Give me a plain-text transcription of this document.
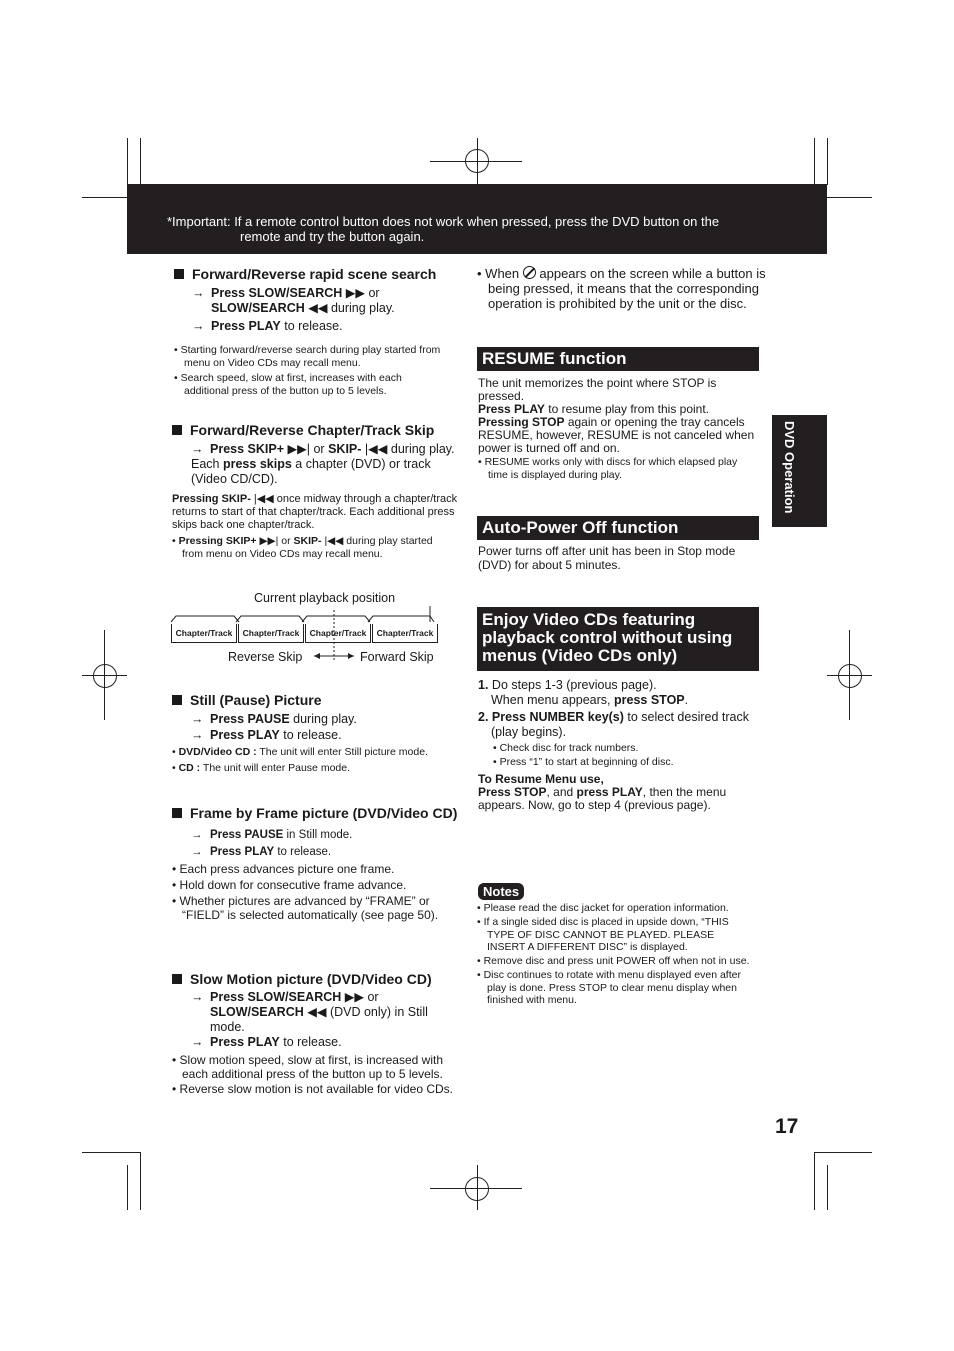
*Important: If a remote control button does not work when pressed, press the DVD button on the
remote and try the button again.
DVD Operation
Forward/Reverse rapid scene search
→ Press SLOW/SEARCH ▶▶ or
SLOW/SEARCH ◀◀ during play.
→ Press PLAY to release.
• Starting forward/reverse search during play started from menu on Video CDs may recall menu.
• Search speed, slow at first, increases with each additional press of the button up to 5 levels.
Forward/Reverse Chapter/Track Skip
→ Press SKIP+ ▶▶| or SKIP- |◀◀ during play.
Each press skips a chapter (DVD) or track (Video CD/CD).
Pressing SKIP- |◀◀ once midway through a chapter/track returns to start of that chapter/track. Each additional press skips back one chapter/track.
• Pressing SKIP+ ▶▶| or SKIP- |◀◀ during play started from menu on Video CDs may recall menu.
Current playback position
Chapter/Track	Chapter/Track	Chapter/Track	Chapter/Track
Reverse Skip	Forward Skip
Still (Pause) Picture
→ Press PAUSE during play.
→ Press PLAY to release.
• DVD/Video CD : The unit will enter Still picture mode.
• CD : The unit will enter Pause mode.
Frame by Frame picture (DVD/Video CD)
→ Press PAUSE in Still mode.
→ Press PLAY to release.
• Each press advances picture one frame.
• Hold down for consecutive frame advance.
• Whether pictures are advanced by “FRAME” or “FIELD” is selected automatically (see page 50).
Slow Motion picture (DVD/Video CD)
→ Press SLOW/SEARCH ▶▶ or
SLOW/SEARCH ◀◀ (DVD only) in Still mode.
→ Press PLAY to release.
• Slow motion speed, slow at first, is increased with each additional press of the button up to 5 levels.
• Reverse slow motion is not available for video CDs.
• When appears on the screen while a button is being pressed, it means that the corresponding operation is prohibited by the unit or the disc.
RESUME function
The unit memorizes the point where STOP is pressed.
Press PLAY to resume play from this point.
Pressing STOP again or opening the tray cancels RESUME, however, RESUME is not canceled when power is turned off and on.
• RESUME works only with discs for which elapsed play time is displayed during play.
Auto-Power Off function
Power turns off after unit has been in Stop mode (DVD) for about 5 minutes.
Enjoy Video CDs featuring playback control without using menus (Video CDs only)
1. Do steps 1-3 (previous page).
When menu appears, press STOP.
2. Press NUMBER key(s) to select desired track (play begins).
• Check disc for track numbers.
• Press “1” to start at beginning of disc.
To Resume Menu use,
Press STOP, and press PLAY, then the menu appears. Now, go to step 4 (previous page).
Notes
• Please read the disc jacket for operation information.
• If a single sided disc is placed in upside down, “THIS TYPE OF DISC CANNOT BE PLAYED. PLEASE INSERT A DIFFERENT DISC” is displayed.
• Remove disc and press unit POWER off when not in use.
• Disc continues to rotate with menu displayed even after play is done. Press STOP to clear menu display when finished with menu.
17
